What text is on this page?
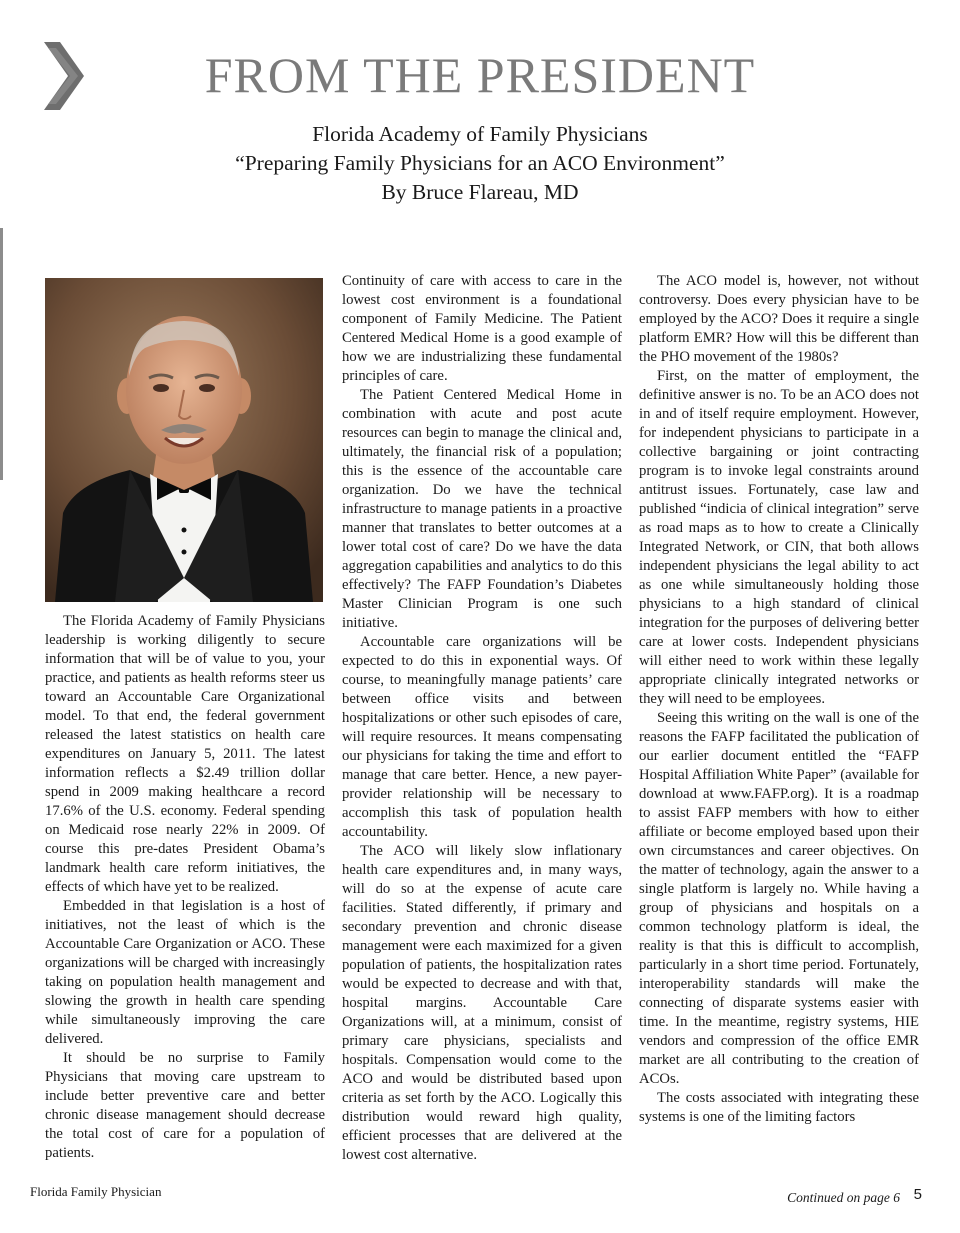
FROM THE PRESIDENT
Florida Academy of Family Physicians
“Preparing Family Physicians for an ACO Environment”
By Bruce Flareau, MD

The Florida Academy of Family Physicians leadership is working diligently to secure information that will be of value to you, your practice, and patients as health reforms steer us toward an Accountable Care Organizational model. To that end, the federal government released the latest statistics on health care expenditures on January 5, 2011. The latest information reflects a $2.49 trillion dollar spend in 2009 making healthcare a record 17.6% of the U.S. economy. Federal spending on Medicaid rose nearly 22% in 2009. Of course this pre-dates President Obama’s landmark health care reform initiatives, the effects of which have yet to be realized.

Embedded in that legislation is a host of initiatives, not the least of which is the Accountable Care Organization or ACO. These organizations will be charged with increasingly taking on population health management and slowing the growth in health care spending while simultaneously improving the care delivered.

It should be no surprise to Family Physicians that moving care upstream to include better preventive care and better chronic disease management should decrease the total cost of care for a population of patients.

Continuity of care with access to care in the lowest cost environment is a foundational component of Family Medicine. The Patient Centered Medical Home is a good example of how we are industrializing these fundamental principles of care.

The Patient Centered Medical Home in combination with acute and post acute resources can begin to manage the clinical and, ultimately, the financial risk of a population; this is the essence of the accountable care organization. Do we have the technical infrastructure to manage patients in a proactive manner that translates to better outcomes at a lower total cost of care? Do we have the data aggregation capabilities and analytics to do this effectively? The FAFP Foundation’s Diabetes Master Clinician Program is one such initiative.

Accountable care organizations will be expected to do this in exponential ways. Of course, to meaningfully manage patients’ care between office visits and between hospitalizations or other such episodes of care, will require resources. It means compensating our physicians for taking the time and effort to manage that care better. Hence, a new payer-provider relationship will be necessary to accomplish this task of population health accountability.

The ACO will likely slow inflationary health care expenditures and, in many ways, will do so at the expense of acute care facilities. Stated differently, if primary and secondary prevention and chronic disease management were each maximized for a given population of patients, the hospitalization rates would be expected to decrease and with that, hospital margins. Accountable Care Organizations will, at a minimum, consist of primary care physicians, specialists and hospitals. Compensation would come to the ACO and would be distributed based upon criteria as set forth by the ACO. Logically this distribution would reward high quality, efficient processes that are delivered at the lowest cost alternative.

The ACO model is, however, not without controversy. Does every physician have to be employed by the ACO? Does it require a single platform EMR? How will this be different than the PHO movement of the 1980s?

First, on the matter of employment, the definitive answer is no. To be an ACO does not in and of itself require employment. However, for independent physicians to participate in a collective bargaining or joint contracting program is to invoke legal constraints around antitrust issues. Fortunately, case law and published “indicia of clinical integration” serve as road maps as to how to create a Clinically Integrated Network, or CIN, that both allows independent physicians the legal ability to act as one while simultaneously holding those physicians to a high standard of clinical integration for the purposes of delivering better care at lower costs. Independent physicians will either need to work within these legally appropriate clinically integrated networks or they will need to be employees.

Seeing this writing on the wall is one of the reasons the FAFP facilitated the publication of our earlier document entitled the “FAFP Hospital Affiliation White Paper” (available for download at www.FAFP.org). It is a roadmap to assist FAFP members with how to either affiliate or become employed based upon their own circumstances and career objectives. On the matter of technology, again the answer to a single platform is largely no. While having a group of physicians and hospitals on a common technology platform is ideal, the reality is that this is difficult to accomplish, particularly in a short time period. Fortunately, interoperability standards will make the connecting of disparate systems easier with time. In the meantime, registry systems, HIE vendors and compression of the office EMR market are all contributing to the creation of ACOs.

The costs associated with integrating these systems is one of the limiting factors

Florida Family Physician	Continued on page 6 5
